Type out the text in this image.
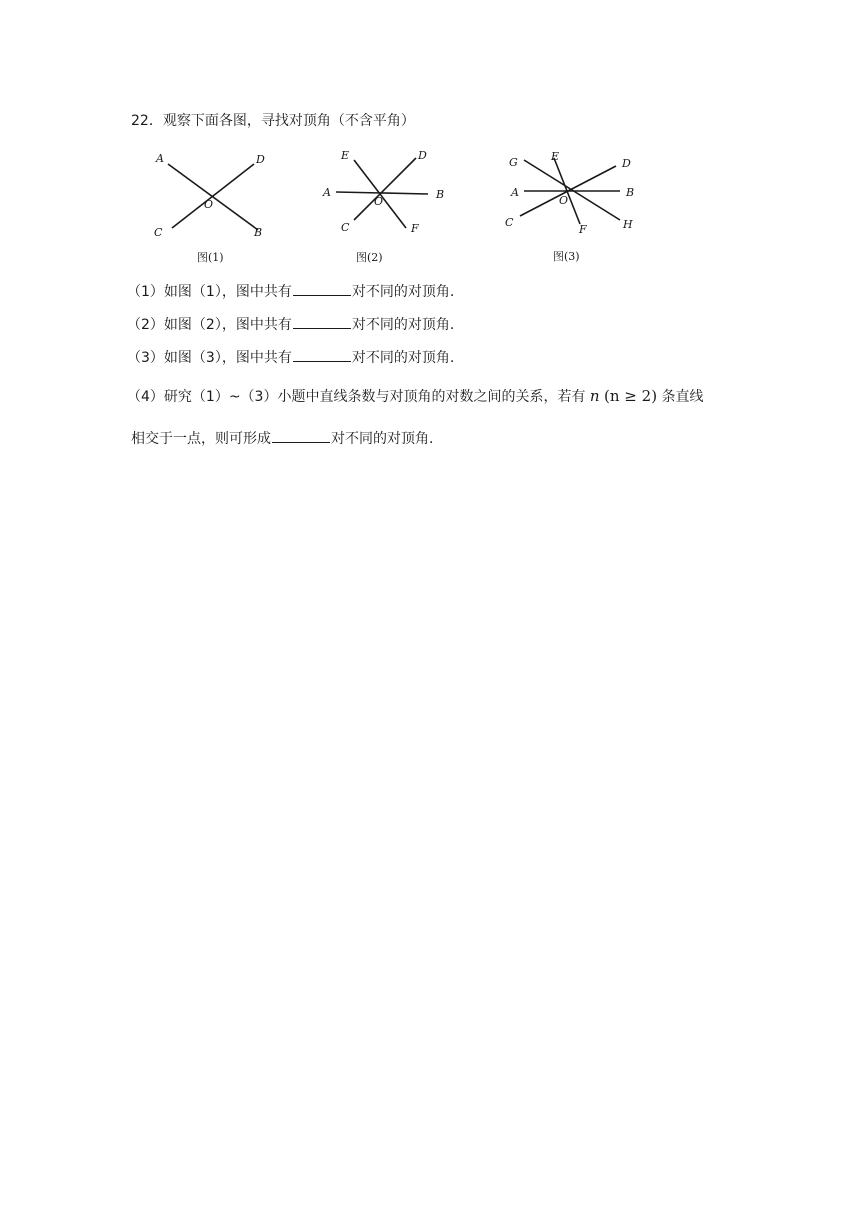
22．观察下面各图，寻找对顶角（不含平角）
A	D
O
C	B
图(1)
E	D
A
O
B
C	F
图(2)
G	E
D
A
O
B
C
F	H
图(3)
（1）如图（1），图中共有	对不同的对顶角.
（2）如图（2），图中共有	对不同的对顶角.
（3）如图（3），图中共有	对不同的对顶角.
（4）研究（1）~（3）小题中直线条数与对顶角的对数之间的关系，若有 n (n ≥ 2) 条直线
相交于一点，则可形成	对不同的对顶角.
